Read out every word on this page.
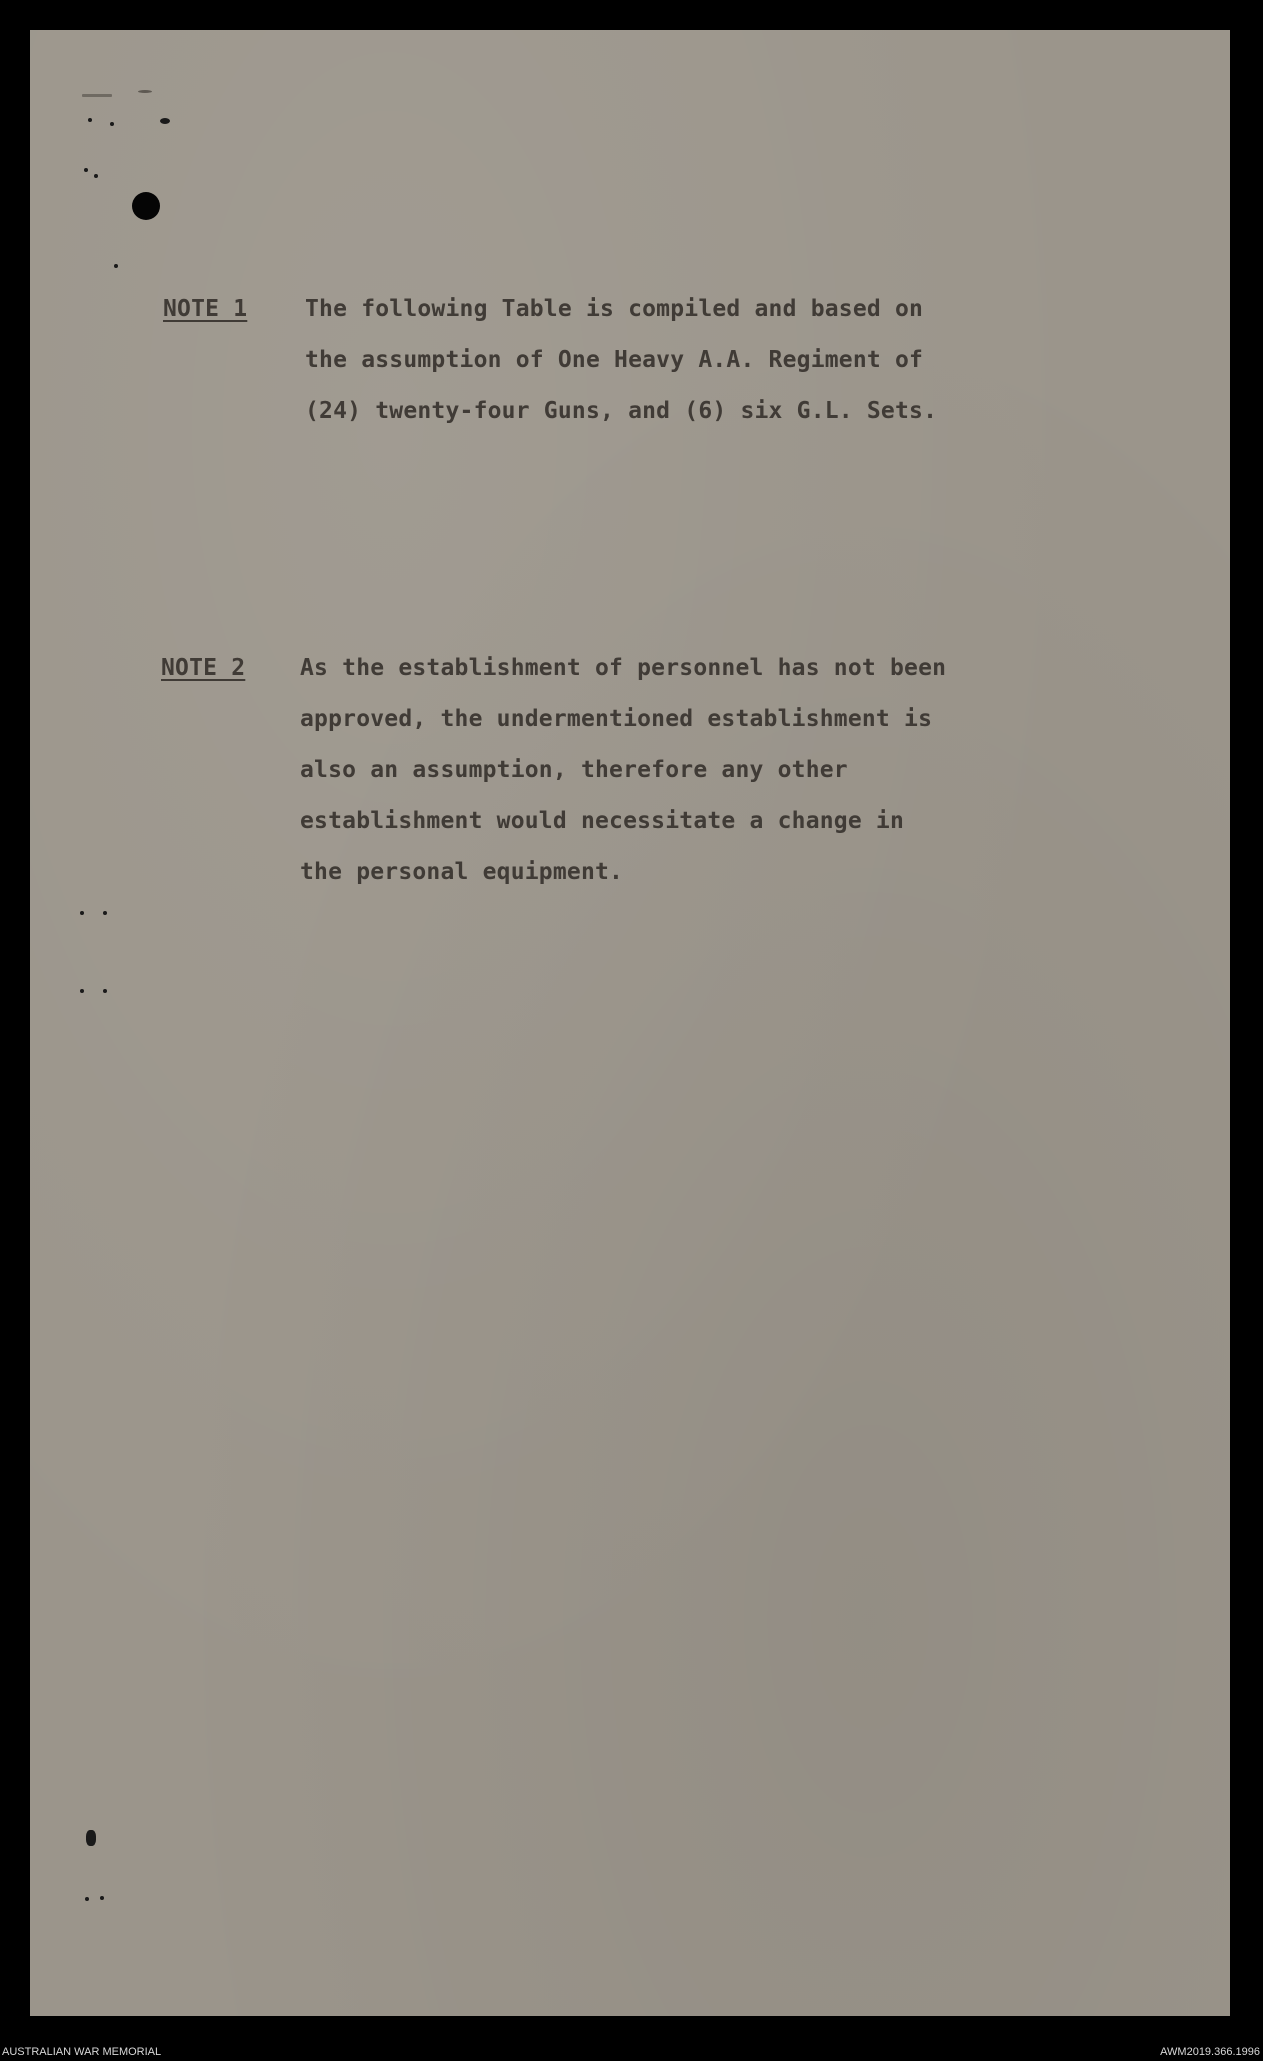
NOTE 1	The following Table is compiled and based on
the assumption of One Heavy A.A. Regiment of
(24) twenty-four Guns, and (6) six G.L. Sets.
NOTE 2 As the establishment of personnel has not been
approved, the undermentioned establishment is
also an assumption, therefore any other
establishment would necessitate a change in
the personal equipment.
AUSTRALIAN WAR MEMORIAL	AWM2019.366.1996
